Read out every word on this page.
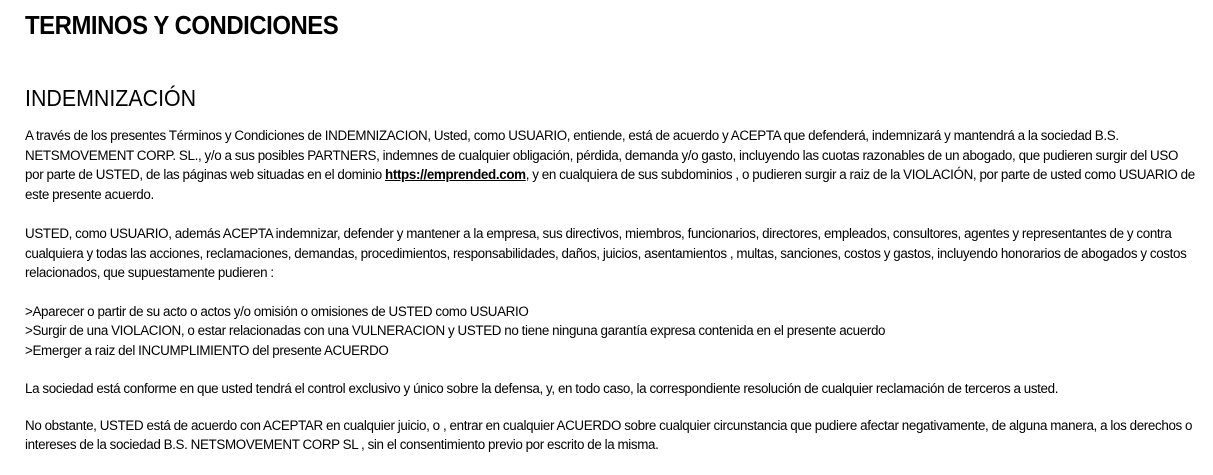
TERMINOS Y CONDICIONES
INDEMNIZACIÓN

A través de los presentes Términos y Condiciones de INDEMNIZACION, Usted, como USUARIO, entiende, está de acuerdo y ACEPTA que defenderá, indemnizará y mantendrá a la sociedad B.S. NETSMOVEMENT CORP. SL., y/o a sus posibles PARTNERS, indemnes de cualquier obligación, pérdida, demanda y/o gasto, incluyendo las cuotas razonables de un abogado, que pudieren surgir del USO por parte de USTED, de las páginas web situadas en el dominio https://emprended.com, y en cualquiera de sus subdominios , o pudieren surgir a raiz de la VIOLACIÓN, por parte de usted como USUARIO de este presente acuerdo.

USTED, como USUARIO, además ACEPTA indemnizar, defender y mantener a la empresa, sus directivos, miembros, funcionarios, directores, empleados, consultores, agentes y representantes de y contra cualquiera y todas las acciones, reclamaciones, demandas, procedimientos, responsabilidades, daños, juicios, asentamientos , multas, sanciones, costos y gastos, incluyendo honorarios de abogados y costos relacionados, que supuestamente pudieren :

>Aparecer o partir de su acto o actos y/o omisión o omisiones de USTED como USUARIO
>Surgir de una VIOLACION, o estar relacionadas con una VULNERACION y USTED no tiene ninguna garantía expresa contenida en el presente acuerdo
>Emerger a raiz del INCUMPLIMIENTO del presente ACUERDO

La sociedad está conforme en que usted tendrá el control exclusivo y único sobre la defensa, y, en todo caso, la correspondiente resolución de cualquier reclamación de terceros a usted.

No obstante, USTED está de acuerdo con ACEPTAR en cualquier juicio, o , entrar en cualquier ACUERDO sobre cualquier circunstancia que pudiere afectar negativamente, de alguna manera, a los derechos o intereses de la sociedad B.S. NETSMOVEMENT CORP SL , sin el consentimiento previo por escrito de la misma.
